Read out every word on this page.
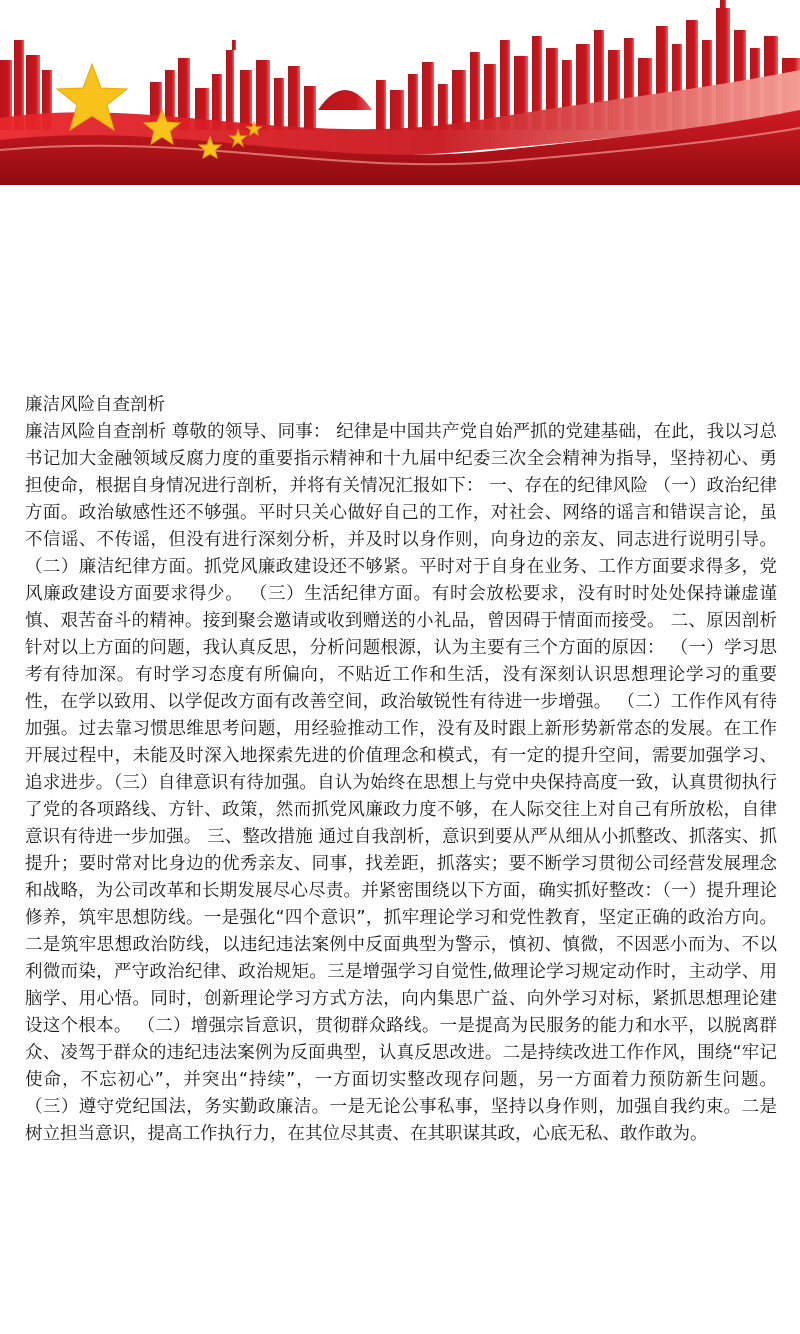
廉洁风险自查剖析

廉洁风险自查剖析 尊敬的领导、同事： 纪律是中国共产党自始严抓的党建基础，在此，我以习总书记加大金融领域反腐力度的重要指示精神和十九届中纪委三次全会精神为指导，坚持初心、勇担使命，根据自身情况进行剖析，并将有关情况汇报如下： 一、存在的纪律风险 （一）政治纪律方面。政治敏感性还不够强。平时只关心做好自己的工作，对社会、网络的谣言和错误言论，虽不信谣、不传谣，但没有进行深刻分析，并及时以身作则，向身边的亲友、同志进行说明引导。 （二）廉洁纪律方面。抓党风廉政建设还不够紧。平时对于自身在业务、工作方面要求得多，党风廉政建设方面要求得少。 （三）生活纪律方面。有时会放松要求，没有时时处处保持谦虚谨慎、艰苦奋斗的精神。接到聚会邀请或收到赠送的小礼品，曾因碍于情面而接受。 二、原因剖析 针对以上方面的问题，我认真反思，分析问题根源，认为主要有三个方面的原因： （一）学习思考有待加深。有时学习态度有所偏向，不贴近工作和生活，没有深刻认识思想理论学习的重要性，在学以致用、以学促改方面有改善空间，政治敏锐性有待进一步增强。 （二）工作作风有待加强。过去靠习惯思维思考问题，用经验推动工作，没有及时跟上新形势新常态的发展。在工作开展过程中，未能及时深入地探索先进的价值理念和模式，有一定的提升空间，需要加强学习、追求进步。（三）自律意识有待加强。自认为始终在思想上与党中央保持高度一致，认真贯彻执行了党的各项路线、方针、政策，然而抓党风廉政力度不够，在人际交往上对自己有所放松，自律意识有待进一步加强。 三、整改措施 通过自我剖析，意识到要从严从细从小抓整改、抓落实、抓提升；要时常对比身边的优秀亲友、同事，找差距，抓落实；要不断学习贯彻公司经营发展理念和战略，为公司改革和长期发展尽心尽责。并紧密围绕以下方面，确实抓好整改：（一）提升理论修养，筑牢思想防线。一是强化“四个意识”，抓牢理论学习和党性教育，坚定正确的政治方向。二是筑牢思想政治防线，以违纪违法案例中反面典型为警示，慎初、慎微，不因恶小而为、不以利微而染，严守政治纪律、政治规矩。三是增强学习自觉性,做理论学习规定动作时，主动学、用脑学、用心悟。同时，创新理论学习方式方法，向内集思广益、向外学习对标，紧抓思想理论建设这个根本。 （二）增强宗旨意识，贯彻群众路线。一是提高为民服务的能力和水平，以脱离群众、凌驾于群众的违纪违法案例为反面典型，认真反思改进。二是持续改进工作作风，围绕“牢记使命，不忘初心”，并突出“持续”，一方面切实整改现存问题，另一方面着力预防新生问题。 （三）遵守党纪国法，务实勤政廉洁。一是无论公事私事，坚持以身作则，加强自我约束。二是树立担当意识，提高工作执行力，在其位尽其责、在其职谋其政，心底无私、敢作敢为。
